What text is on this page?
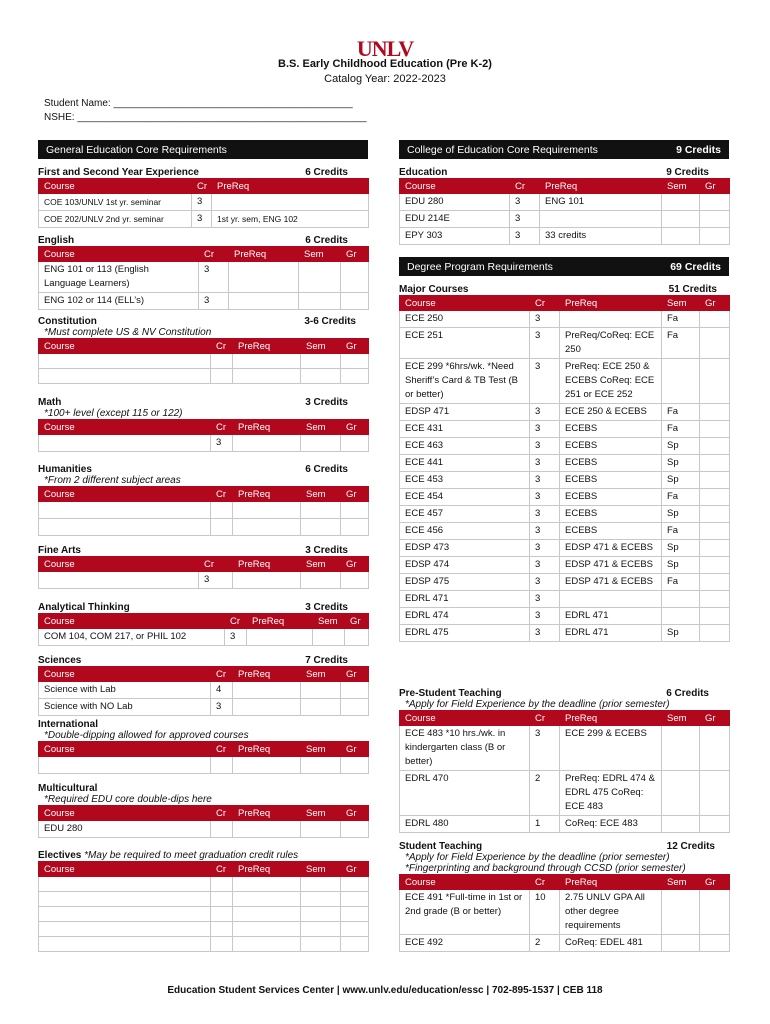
UNLV
B.S. Early Childhood Education (Pre K-2)
Catalog Year: 2022-2023
Student Name: ___________________________________________
NSHE: ____________________________________________________
General Education Core Requirements
First and Second Year Experience	6 Credits
Course	Cr	PreReq
COE 103/UNLV 1st yr. seminar	3	
COE 202/UNLV 2nd yr. seminar	3	1st yr. sem, ENG 102
English	6 Credits
Course	Cr	PreReq	Sem	Gr
ENG 101 or 113 (English Language Learners)	3			
ENG 102 or 114 (ELL’s)	3			
Constitution	3-6 Credits
*Must complete US & NV Constitution
Course	Cr	PreReq	Sem	Gr

Math	3 Credits
*100+ level (except 115 or 122)
Course	Cr	PreReq	Sem	Gr
	3			
Humanities	6 Credits
*From 2 different subject areas
Course	Cr	PreReq	Sem	Gr

Fine Arts	3 Credits
Course	Cr	PreReq	Sem	Gr
	3			
Analytical Thinking	3 Credits
Course	Cr	PreReq	Sem	Gr
COM 104, COM 217, or PHIL 102	3			
Sciences	7 Credits
Course	Cr	PreReq	Sem	Gr
Science with Lab	4			
Science with NO Lab	3			
International
*Double-dipping allowed for approved courses
Course	Cr	PreReq	Sem	Gr

Multicultural
*Required EDU core double-dips here
Course	Cr	PreReq	Sem	Gr
EDU 280				
Electives *May be required to meet graduation credit rules
Course	Cr	PreReq	Sem	Gr

College of Education Core Requirements	9 Credits
Education	9 Credits
Course	Cr	PreReq	Sem	Gr
EDU 280	3	ENG 101		
EDU 214E	3			
EPY 303	3	33 credits		
Degree Program Requirements	69 Credits
Major Courses	51 Credits
Course	Cr	PreReq	Sem	Gr
ECE 250	3		Fa	
ECE 251	3	PreReq/CoReq: ECE 250	Fa	
ECE 299 *6hrs/wk. *Need Sheriff’s Card & TB Test (B or better)	3	PreReq: ECE 250 & ECEBS CoReq: ECE 251 or ECE 252		
EDSP 471	3	ECE 250 & ECEBS	Fa	
ECE 431	3	ECEBS	Fa	
ECE 463	3	ECEBS	Sp	
ECE 441	3	ECEBS	Sp	
ECE 453	3	ECEBS	Sp	
ECE 454	3	ECEBS	Fa	
ECE 457	3	ECEBS	Sp	
ECE 456	3	ECEBS	Fa	
EDSP 473	3	EDSP 471 & ECEBS	Sp	
EDSP 474	3	EDSP 471 & ECEBS	Sp	
EDSP 475	3	EDSP 471 & ECEBS	Fa	
EDRL 471	3			
EDRL 474	3	EDRL 471		
EDRL 475	3	EDRL 471	Sp	
Pre-Student Teaching	6 Credits
*Apply for Field Experience by the deadline (prior semester)
Course	Cr	PreReq	Sem	Gr
ECE 483 *10 hrs./wk. in kindergarten class (B or better)	3	ECE 299 & ECEBS		
EDRL 470	2	PreReq: EDRL 474 & EDRL 475 CoReq: ECE 483		
EDRL 480	1	CoReq: ECE 483		
Student Teaching	12 Credits
*Apply for Field Experience by the deadline (prior semester)
*Fingerprinting and background through CCSD (prior semester)
Course	Cr	PreReq	Sem	Gr
ECE 491 *Full-time in 1st or 2nd grade (B or better)	10	2.75 UNLV GPA All other degree requirements		
ECE 492	2	CoReq: EDEL 481		
Education Student Services Center | www.unlv.edu/education/essc | 702-895-1537 | CEB 118
